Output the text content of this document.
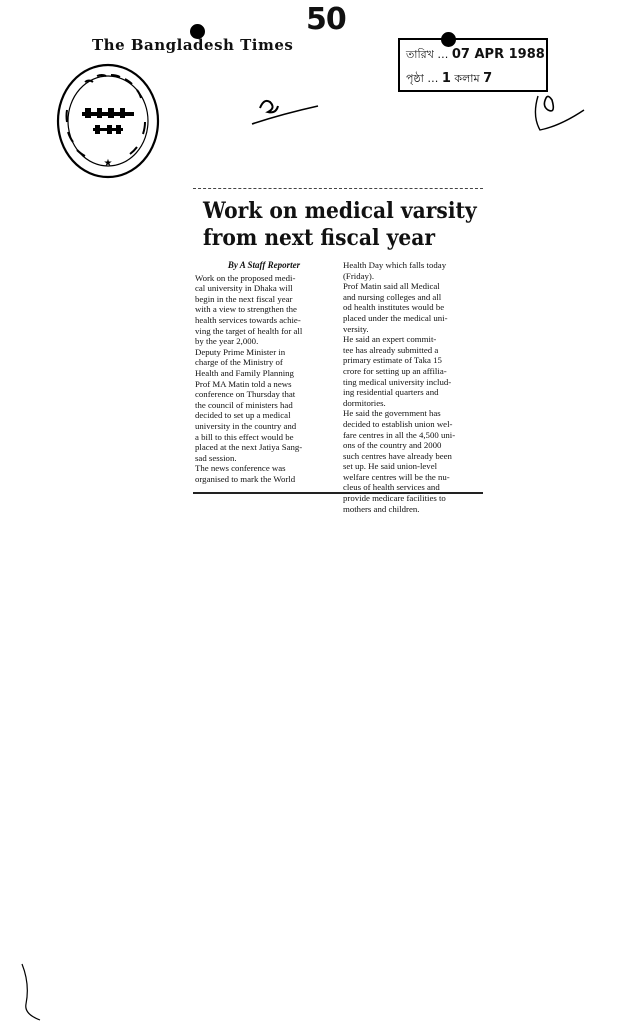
50
The Bangladesh Times
তারিখ … 07 APR 1988
পৃষ্ঠা … 1 কলাম 7
★
Work on medical varsity
from next fiscal year

By A Staff Reporter

Work on the proposed medi-
cal university in Dhaka will
begin in the next fiscal year
with a view to strengthen the
health services towards achie-
ving the target of health for all
by the year 2,000.
Deputy Prime Minister in
charge of the Ministry of
Health and Family Planning
Prof MA Matin told a news
conference on Thursday that
the council of ministers had
decided to set up a medical
university in the country and
a bill to this effect would be
placed at the next Jatiya Sang-
sad session.
The news conference was
organised to mark the World
Health Day which falls today
(Friday).
Prof Matin said all Medical
and nursing colleges and all
od health institutes would be
placed under the medical uni-
versity.
He said an expert commit-
tee has already submitted a
primary estimate of Taka 15
crore for setting up an affilia-
ting medical university includ-
ing residential quarters and
dormitories.
He said the government has
decided to establish union wel-
fare centres in all the 4,500 uni-
ons of the country and 2000
such centres have already been
set up. He said union-level
welfare centres will be the nu-
cleus of health services and
provide medicare facilities to
mothers and children.
